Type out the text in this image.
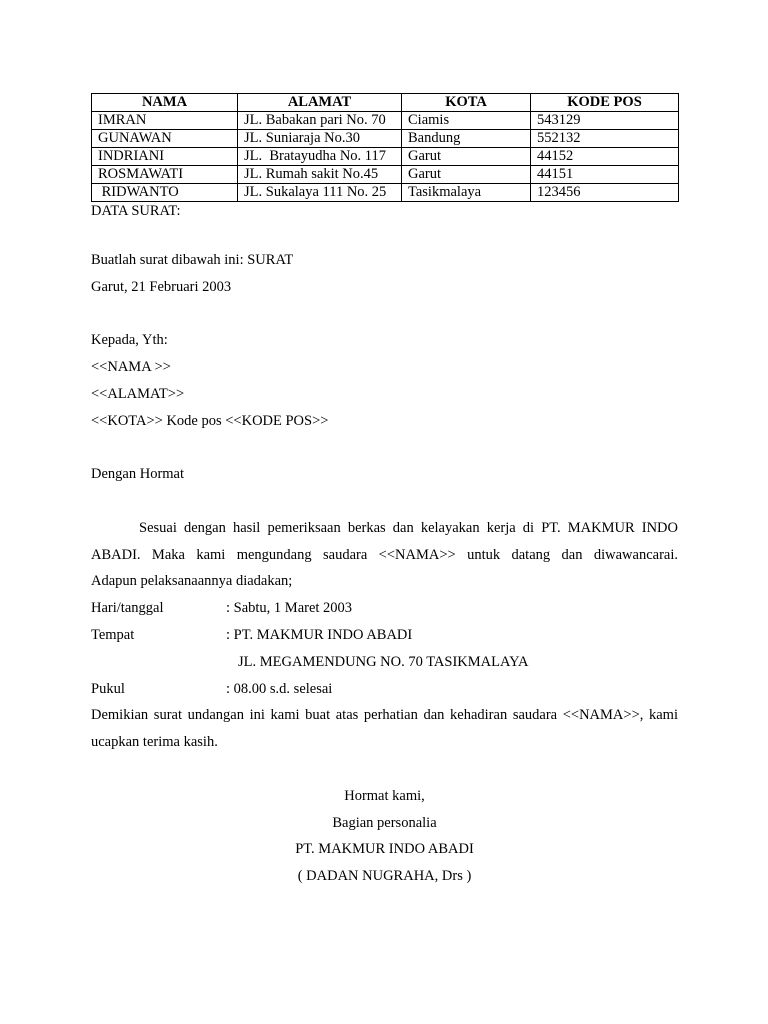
NAMA	ALAMAT	KOTA	KODE POS
IMRAN	JL. Babakan pari No. 70	Ciamis	543129
GUNAWAN	JL. Suniaraja No.30	Bandung	552132
INDRIANI	JL.  Bratayudha No. 117	Garut	44152
ROSMAWATI	JL. Rumah sakit No.45	Garut	44151
RIDWANTO	JL. Sukalaya 111 No. 25	Tasikmalaya	123456
DATA SURAT:
Buatlah surat dibawah ini: SURAT
Garut, 21 Februari 2003
Kepada, Yth:
<<NAMA >>
<<ALAMAT>>
<<KOTA>> Kode pos <<KODE POS>>
Dengan Hormat
Sesuai dengan hasil pemeriksaan berkas dan kelayakan kerja di PT. MAKMUR INDO
ABADI. Maka kami mengundang saudara <<NAMA>> untuk datang dan diwawancarai.
Adapun pelaksanaannya diadakan;
Hari/tanggal	: Sabtu, 1 Maret 2003
Tempat	: PT. MAKMUR INDO ABADI
JL. MEGAMENDUNG NO. 70 TASIKMALAYA
Pukul	: 08.00 s.d. selesai
Demikian surat undangan ini kami buat atas perhatian dan kehadiran saudara <<NAMA>>, kami
ucapkan terima kasih.
Hormat kami,
Bagian personalia
PT. MAKMUR INDO ABADI
( DADAN NUGRAHA, Drs )
